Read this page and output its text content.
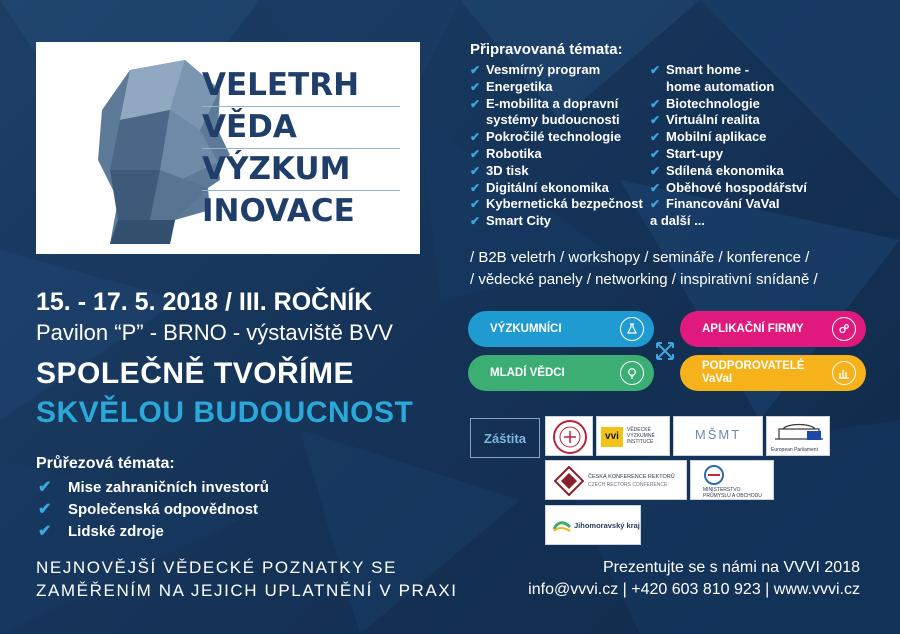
VELETRH
VĚDA
VÝZKUM
INOVACE
15. - 17. 5. 2018 / III. ROČNÍK
Pavilon “P” - BRNO - výstaviště BVV
SPOLEČNĚ TVOŘÍME
SKVĚLOU BUDOUCNOST
Průřezová témata:
✔	Mise zahraničních investorů
✔	Společenská odpovědnost
✔	Lidské zdroje
NEJNOVĚJŠÍ VĚDECKÉ POZNATKY SE
ZAMĚŘENÍM NA JEJICH UPLATNĚNÍ V PRAXI
Připravovaná témata:
✔ Vesmírný program
✔ Energetika
✔ E-mobilita a dopravní
systémy budoucnosti
✔ Pokročilé technologie
✔ Robotika
✔ 3D tisk
✔ Digitální ekonomika
✔ Kybernetická bezpečnost
✔ Smart City
✔ Smart home -
home automation
✔ Biotechnologie
✔ Virtuální realita
✔ Mobilní aplikace
✔ Start-upy
✔ Sdílená ekonomika
✔ Oběhové hospodářství
✔ Financování VaVaI
a další ...
/ B2B veletrh / workshopy / semináře / konference /
/ vědecké panely / networking / inspirativní snídaně /
VÝZKUMNÍCI
MLADÍ VĚDCI
APLIKAČNÍ FIRMY
PODPOROVATELÉ
VaVaI
Záštita	vvi
VĚDECKÉ VÝZKUMNÉ INSTITUCE	MŠMT
European Parliament
ČESKÁ KONFERENCE REKTORŮ
CZECH RECTORS CONFERENCE
MINISTERSTVO
PRŮMYSLU A OBCHODU
Jihomoravský kraj
Prezentujte se s námi na VVVI 2018
info@vvvi.cz | +420 603 810 923 | www.vvvi.cz
